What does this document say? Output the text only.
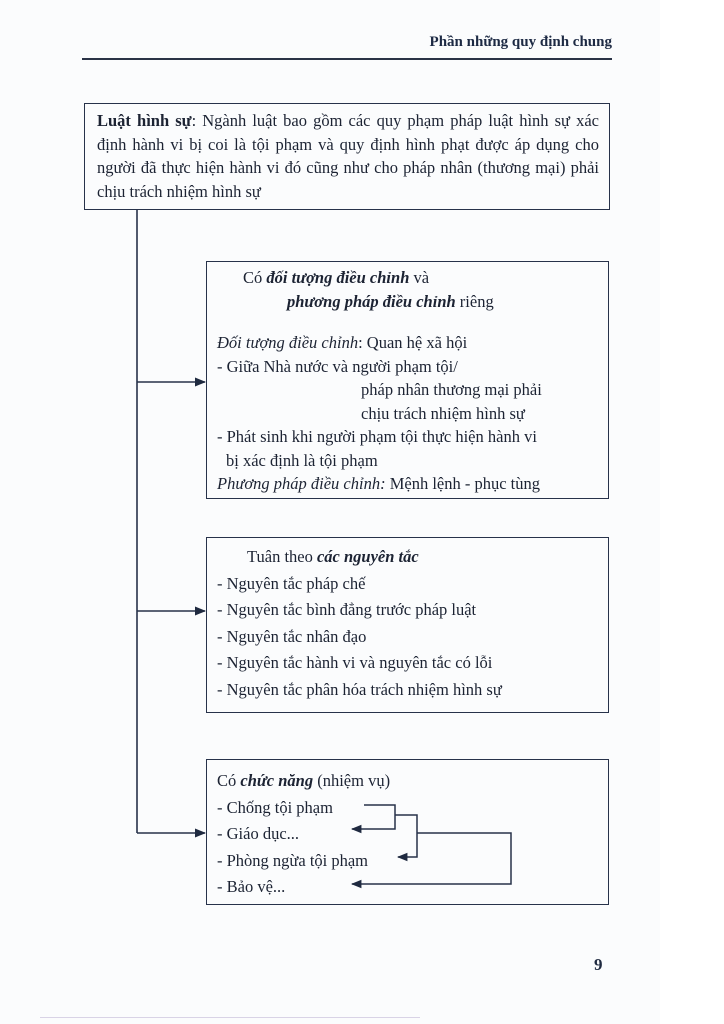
Phần những quy định chung
Luật hình sự: Ngành luật bao gồm các quy phạm pháp luật hình sự xác định hành vi bị coi là tội phạm và quy định hình phạt được áp dụng cho người đã thực hiện hành vi đó cũng như cho pháp nhân (thương mại) phải chịu trách nhiệm hình sự
Có đối tượng điều chỉnh và
phương pháp điều chỉnh riêng
Đối tượng điều chỉnh: Quan hệ xã hội
- Giữa Nhà nước và người phạm tội/
pháp nhân thương mại phải
chịu trách nhiệm hình sự
- Phát sinh khi người phạm tội thực hiện hành vi
bị xác định là tội phạm
Phương pháp điều chỉnh: Mệnh lệnh - phục tùng
Tuân theo các nguyên tắc
- Nguyên tắc pháp chế
- Nguyên tắc bình đẳng trước pháp luật
- Nguyên tắc nhân đạo
- Nguyên tắc hành vi và nguyên tắc có lỗi
- Nguyên tắc phân hóa trách nhiệm hình sự
Có chức năng (nhiệm vụ)
- Chống tội phạm
- Giáo dục...
- Phòng ngừa tội phạm
- Bảo vệ...
9
